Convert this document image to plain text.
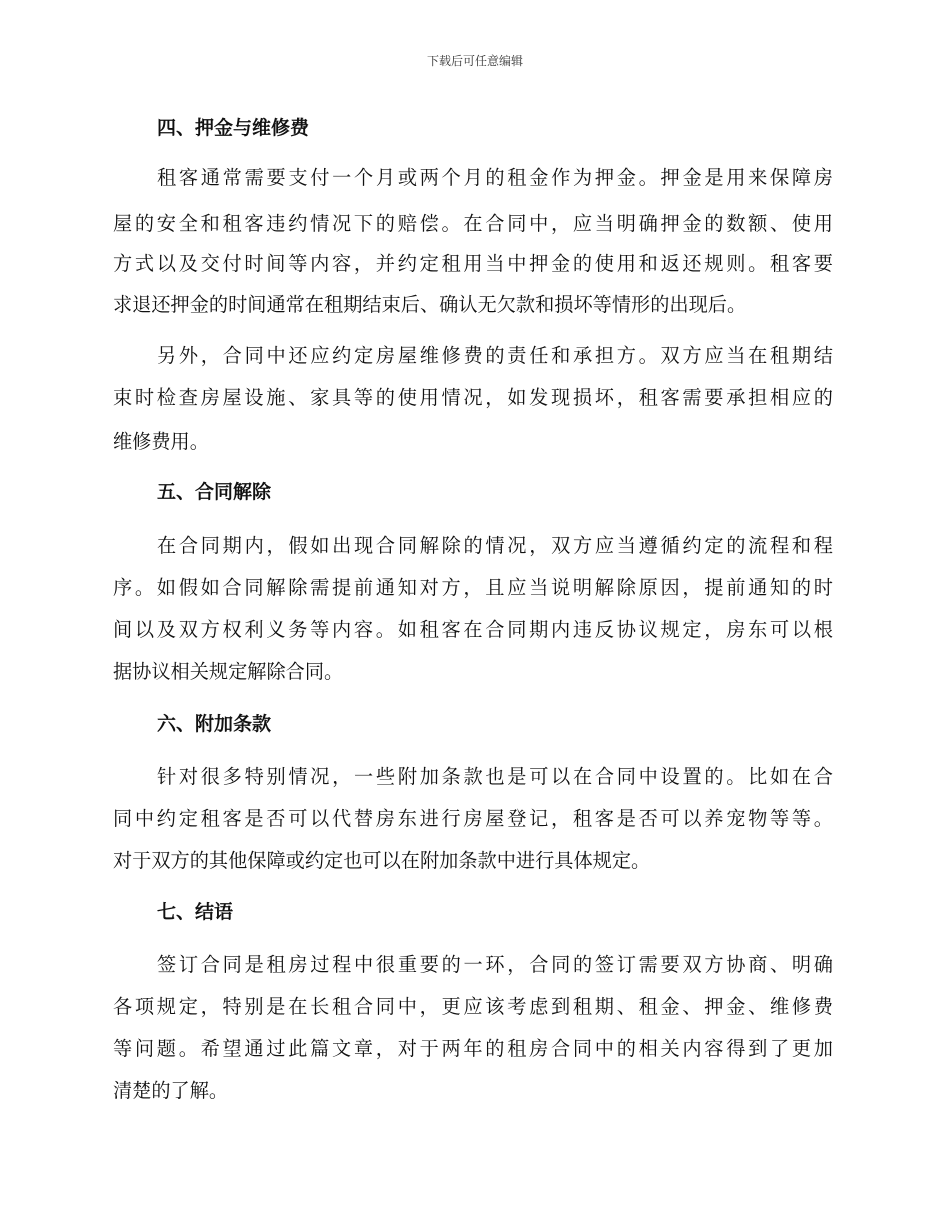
下载后可任意编辑
四、押金与维修费
租客通常需要支付一个月或两个月的租金作为押金。押金是用来保障房
屋的安全和租客违约情况下的赔偿。在合同中，应当明确押金的数额、使用
方式以及交付时间等内容，并约定租用当中押金的使用和返还规则。租客要
求退还押金的时间通常在租期结束后、确认无欠款和损坏等情形的出现后。
另外，合同中还应约定房屋维修费的责任和承担方。双方应当在租期结
束时检查房屋设施、家具等的使用情况，如发现损坏，租客需要承担相应的
维修费用。
五、合同解除
在合同期内，假如出现合同解除的情况，双方应当遵循约定的流程和程
序。如假如合同解除需提前通知对方，且应当说明解除原因，提前通知的时
间以及双方权利义务等内容。如租客在合同期内违反协议规定，房东可以根
据协议相关规定解除合同。
六、附加条款
针对很多特别情况，一些附加条款也是可以在合同中设置的。比如在合
同中约定租客是否可以代替房东进行房屋登记，租客是否可以养宠物等等。
对于双方的其他保障或约定也可以在附加条款中进行具体规定。
七、结语
签订合同是租房过程中很重要的一环，合同的签订需要双方协商、明确
各项规定，特别是在长租合同中，更应该考虑到租期、租金、押金、维修费
等问题。希望通过此篇文章，对于两年的租房合同中的相关内容得到了更加
清楚的了解。
